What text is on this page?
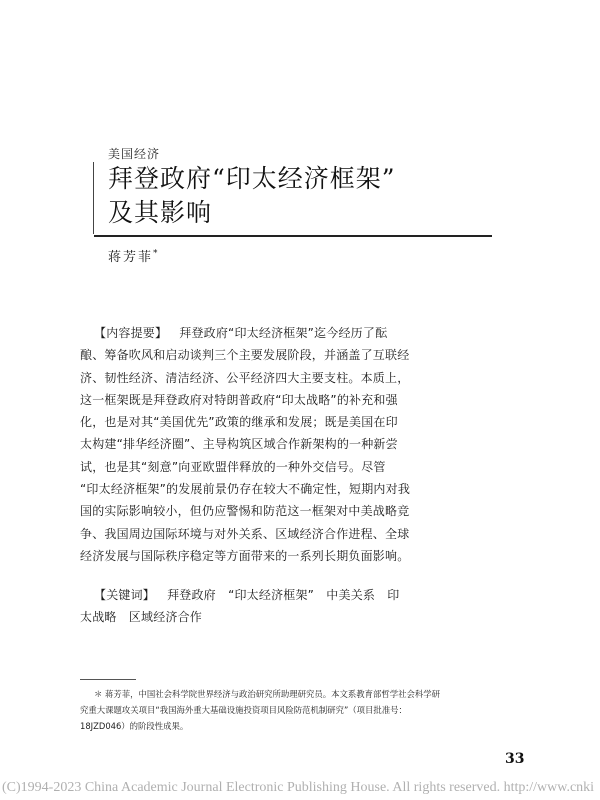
美国经济
拜登政府“印太经济框架”
及其影响
蒋芳菲*
【内容提要】 拜登政府“印太经济框架”迄今经历了酝
酿、筹备吹风和启动谈判三个主要发展阶段，并涵盖了互联经
济、韧性经济、清洁经济、公平经济四大主要支柱。本质上，
这一框架既是拜登政府对特朗普政府“印太战略”的补充和强
化，也是对其“美国优先”政策的继承和发展；既是美国在印
太构建“排华经济圈”、主导构筑区域合作新架构的一种新尝
试，也是其“刻意”向亚欧盟伴释放的一种外交信号。尽管
“印太经济框架”的发展前景仍存在较大不确定性，短期内对我
国的实际影响较小，但仍应警惕和防范这一框架对中美战略竞
争、我国周边国际环境与对外关系、区域经济合作进程、全球
经济发展与国际秩序稳定等方面带来的一系列长期负面影响。
【关键词】 拜登政府　“印太经济框架”　中美关系　印
太战略　区域经济合作
＊ 蒋芳菲，中国社会科学院世界经济与政治研究所助理研究员。本文系教育部哲学社会科学研
究重大课题攻关项目“我国海外重大基础设施投资项目风险防范机制研究”（项目批准号：
18JZD046）的阶段性成果。
33
(C)1994-2023 China Academic Journal Electronic Publishing House. All rights reserved. http://www.cnki
